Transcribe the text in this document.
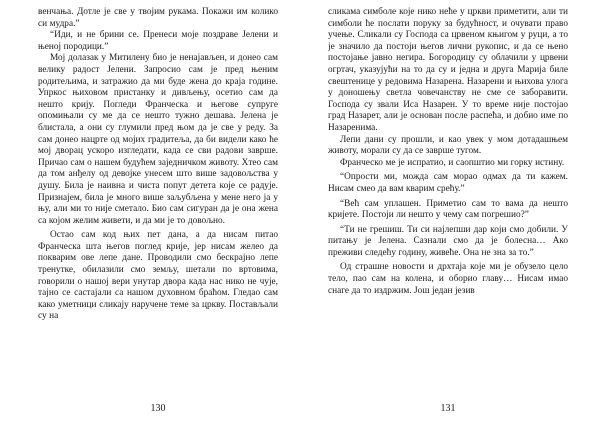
венчања. Дотле је све у твојим рукама. Покажи им колико си мудра.”

“Иди, и не брини се. Пренеси моје поздраве Јелени и њеној породици.”

Мој долазак у Митилену био је ненајављен, и донео сам велику радост Јелени. Запросио сам је пред њеним родитељима, и затражио да ми буде жена до краја године. Упркос њиховом пристанку и дивљењу, осетио сам да нешто крију. Погледи Франческа и његове супруге опомињали су ме да се нешто тужно дешава. Јелена је блистала, а они су глумили пред њом да је све у реду. За сам донео нацрте од мојих градитеља, да би видели како ће мој дворац ускоро изгледати, када се сви радови заврше. Причао сам о нашем будућем заједничком животу. Хтео сам да том анђелу од девојке унесем што више задовољства у душу. Била је наивна и чиста попут детета које се радује. Признајем, била је много више заљубљена у мене него ја у њу, али ми то није сметало. Био сам сигуран да је она жена са којом желим живети, и да ми је то довољно.

Остао сам код њих пет дана, а да нисам питао Франческа шта његов поглед крије, јер нисам желео да покварим ове лепе дане. Проводили смо бескрајно лепе тренутке, обилазили смо земљу, шетали по вртовима, говорили о нашој вери унутар двора када нас нико не чује, тајно се састајали са нашом духовном браћом. Гледао сам како уметници сликају наручене теме за цркву. Постављали су на

130

сликама симболе које нико неће у цркви приметити, али ти симболи ће послати поруку за будућност, и очувати право учење. Сликали су Господа са црвеном књигом у руци, а то је значило да постоји његов лични рукопис, и да се њено постојање јавно негира. Богородицу су облачили у црвени огртач, указујући на то да су и једна и друга Марија биле свештенице у редовима Назарена. Назарени и њихова улога у доношењу светла човечанству не сме се заборавити. Господа су звали Иса Назарен. У то време није постојао град Назарет, али је основан после распећа, и добио име по Назаренима.

Лепи дани су прошли, и као увек у мом дотадашњем животу, морали су да се заврше тугом.

Франческо ме је испратио, и саопштио ми горку истину.

“Опрости ми, можда сам морао одмах да ти кажем. Нисам смео да вам кварим срећу.”

“Већ сам уплашен. Приметио сам то вама да нешто кријете. Постоји ли нешто у чему сам погрешио?”

“Ти не грешиш. Ти си најлепши дар који смо добили. У питању је Јелена. Сазнали смо да је болесна… Ако преживи следећу годину, живеће. Она не зна за то.”

Од страшне новости и дрхтаја које ми је обузело цело тело, пао сам на колена, и оборио главу… Нисам имао снаге да то издржим. Још један језив

131
